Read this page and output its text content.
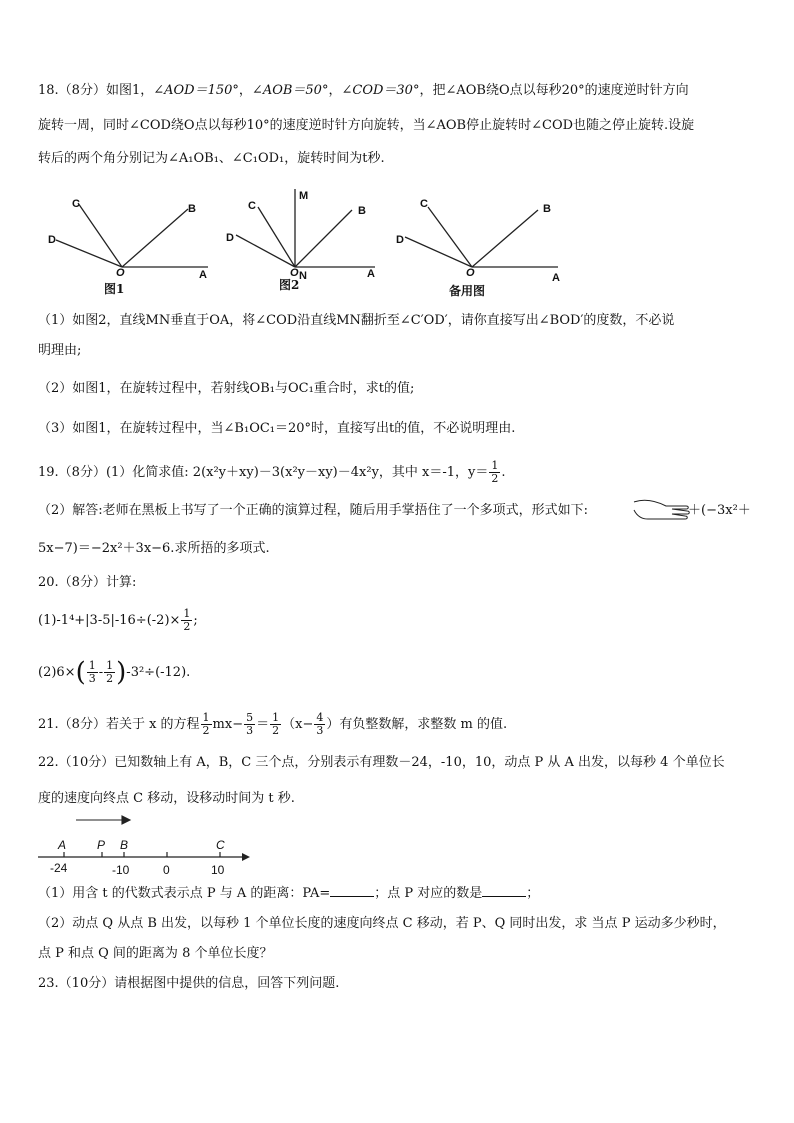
18.（8分）如图1，∠AOD＝150°，∠AOB＝50°，∠COD＝30°，把∠AOB绕O点以每秒20°的速度逆时针方向
旋转一周，同时∠COD绕O点以每秒10°的速度逆时针方向旋转，当∠AOB停止旋转时∠COD也随之停止旋转.设旋
转后的两个角分别记为∠A₁OB₁、∠C₁OD₁，旋转时间为t秒.
C	B
D
O	A
M
B
C
D
O N	A
C	B
D
O	A
图1	图2	备用图
（1）如图2，直线MN垂直于OA，将∠COD沿直线MN翻折至∠C′OD′，请你直接写出∠BOD′的度数，不必说
明理由;
（2）如图1，在旋转过程中，若射线OB₁与OC₁重合时，求t的值;
（3）如图1，在旋转过程中，当∠B₁OC₁＝20°时，直接写出t的值，不必说明理由.
19.（8分）(1）化简求值: 2(x²y＋xy)－3(x²y－xy)－4x²y，其中 x＝-1，$y= \frac{1}{2}$ .
（2）解答:老师在黑板上书写了一个正确的演算过程，随后用手掌捂住了一个多项式，形式如下:	＋(−3x²＋
5x−7)＝−2x²＋3x−6.求所捂的多项式.
20.（8分）计算:
$(1)-1^4+|3-5|-16\div(-2)\times \frac{1}{2}$ ;
$(2)6\times( \frac{1}{3} - \frac{1}{2} )-3^2\div(-12)$.
21.（8分）若关于 x 的方程 $\frac{1}{2} mx- \frac{5}{3} = \frac{1}{2} (x- \frac{4}{3}$ ）有负整数解，求整数 m 的值.
22.（10分）已知数轴上有 A，B，C 三个点，分别表示有理数－24，-10，10，动点 P 从 A 出发，以每秒 4 个单位长
度的速度向终点 C 移动，设移动时间为 t 秒.
A	P B	C
-24	-10	0	10
（1）用含 t 的代数式表示点 P 与 A 的距离：PA=	；点 P 对应的数是	；
（2）动点 Q 从点 B 出发，以每秒 1 个单位长度的速度向终点 C 移动，若 P、Q 同时出发，求 当点 P 运动多少秒时，
点 P 和点 Q 间的距离为 8 个单位长度？
23.（10分）请根据图中提供的信息，回答下列问题.
